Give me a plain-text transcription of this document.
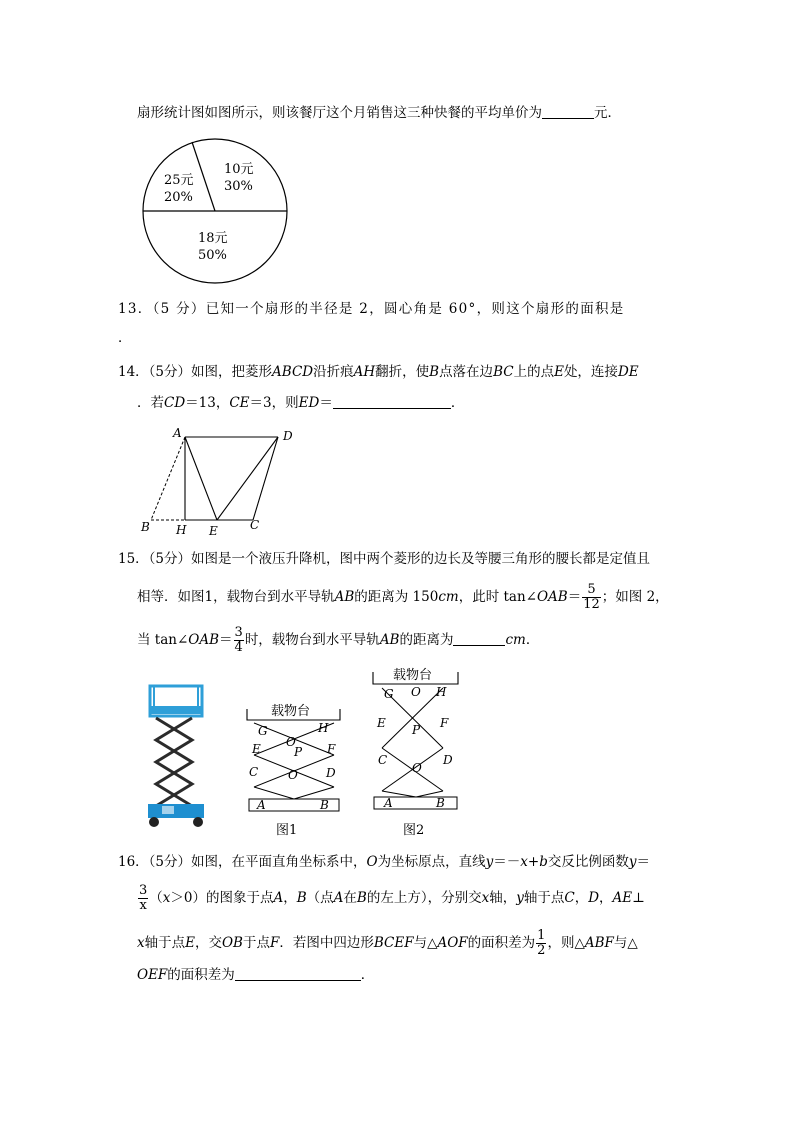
扇形统计图如图所示，则该餐厅这个月销售这三种快餐的平均单价为	元．
10元
30%
25元
20%
18元
50%
13．（5 分）已知一个扇形的半径是 2，圆心角是 60°，则这个扇形的面积是
．
14．（5分）如图，把菱形ABCD沿折痕AH翻折，使B点落在边BC上的点E处，连接DE
．若CD＝13，CE＝3，则ED＝	．
A	D
B H E	C
15．（5分）如图是一个液压升降机，图中两个菱形的边长及等腰三角形的腰长都是定值且
相等．如图1，载物台到水平导轨AB的距离为 150cm，此时 tan∠OAB＝ $\frac{5}{12}$ ；如图 2，
当 tan∠OAB＝ $\frac{3}{4}$ 时，载物台到水平导轨AB的距离为	cm．
载物台
G	H
O
E	F
P
C	D
O
A	B
图1
载物台
G O H
E	F
P
C	D
O
A	B
图2
16．（5分）如图，在平面直角坐标系中，O为坐标原点，直线y＝－x+b交反比例函数y＝
$\frac{3}{x} (x>0)$的图象于点A，B（点A在B的左上方），分别交x轴，y轴于点C，D，AE⊥
x轴于点E，交OB于点F．若图中四边形BCEF与△AOF的面积差为 $\frac{1}{2}$ ，则△ABF与△
OEF的面积差为	．
